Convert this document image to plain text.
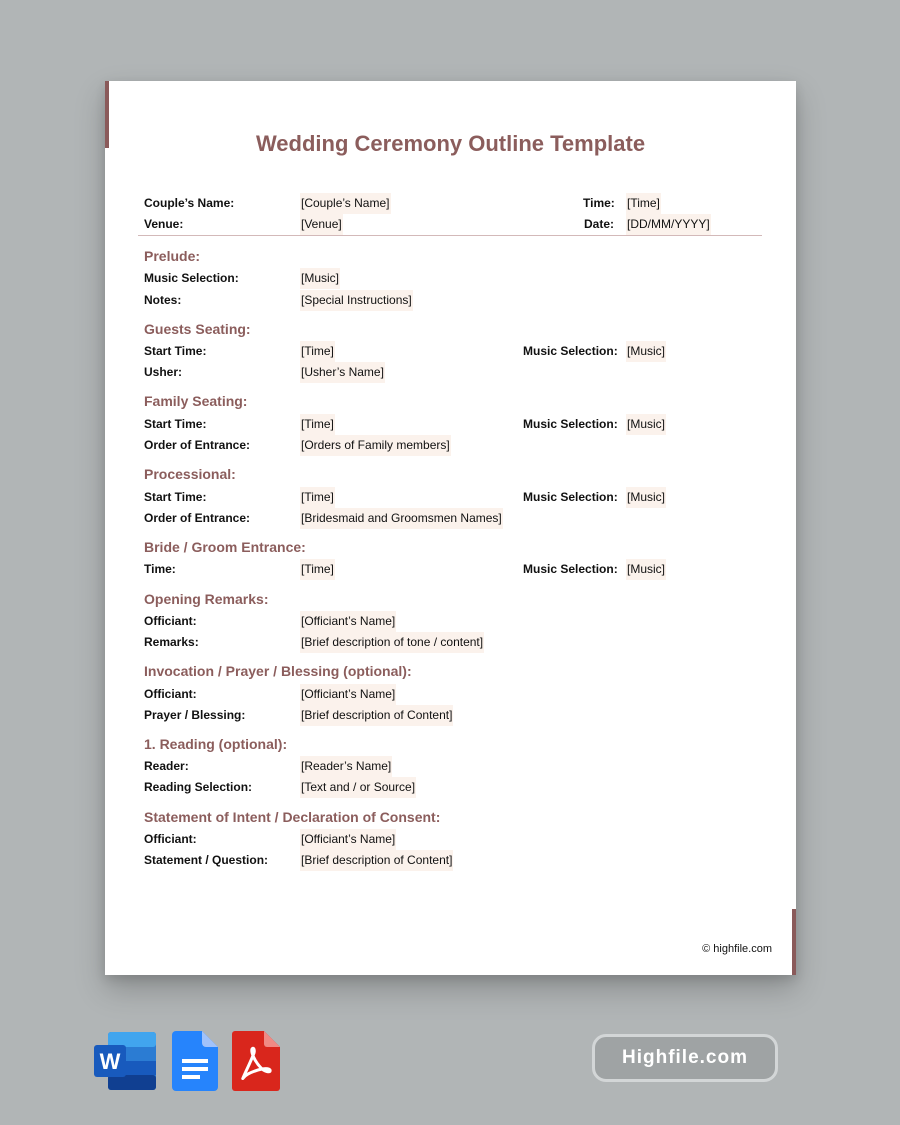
Wedding Ceremony Outline Template
Couple’s Name:	[Couple’s Name]	Time: [Time]
Venue:	[Venue]	Date: [DD/MM/YYYY]
Prelude:
Music Selection:	[Music]
Notes:	[Special Instructions]
Guests Seating:
Start Time:	[Time]	Music Selection: [Music]
Usher:	[Usher’s Name]
Family Seating:
Start Time:	[Time]	Music Selection: [Music]
Order of Entrance:	[Orders of Family members]
Processional:
Start Time:	[Time]	Music Selection: [Music]
Order of Entrance:	[Bridesmaid and Groomsmen Names]
Bride / Groom Entrance:
Time:	[Time]	Music Selection: [Music]
Opening Remarks:
Officiant:	[Officiant’s Name]
Remarks:	[Brief description of tone / content]
Invocation / Prayer / Blessing (optional):
Officiant:	[Officiant’s Name]
Prayer / Blessing:	[Brief description of Content]
1. Reading (optional):
Reader:	[Reader’s Name]
Reading Selection:	[Text and / or Source]
Statement of Intent / Declaration of Consent:
Officiant:	[Officiant’s Name]
Statement / Question:	[Brief description of Content]
© highfile.com
W	Highfile.com
